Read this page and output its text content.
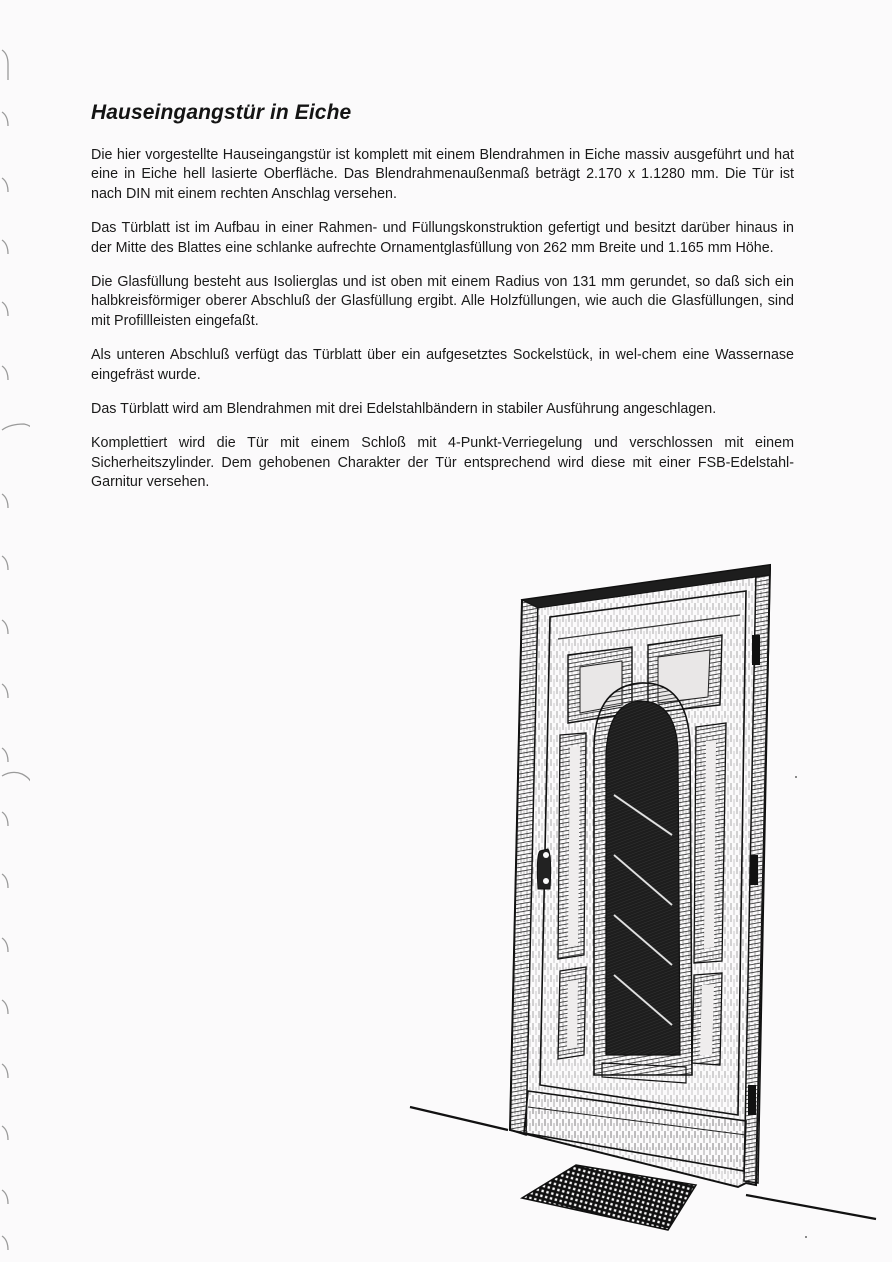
Hauseingangstür in Eiche

Die hier vorgestellte Hauseingangstür ist komplett mit einem Blendrahmen in Eiche massiv ausgeführt und hat eine in Eiche hell lasierte Oberfläche. Das Blendrahmenaußenmaß beträgt 2.170 x 1.1280 mm. Die Tür ist nach DIN mit einem rechten Anschlag versehen.

Das Türblatt ist im Aufbau in einer Rahmen- und Füllungskonstruktion gefertigt und besitzt darüber hinaus in der Mitte des Blattes eine schlanke aufrechte Ornamentglasfüllung von 262 mm Breite und 1.165 mm Höhe.

Die Glasfüllung besteht aus Isolierglas und ist oben mit einem Radius von 131 mm gerundet, so daß sich ein halbkreisförmiger oberer Abschluß der Glasfüllung ergibt. Alle Holzfüllungen, wie auch die Glasfüllungen, sind mit Profillleisten eingefaßt.

Als unteren Abschluß verfügt das Türblatt über ein aufgesetztes Sockelstück, in wel-chem eine Wassernase eingefräst wurde.

Das Türblatt wird am Blendrahmen mit drei Edelstahlbändern in stabiler Ausführung angeschlagen.

Komplettiert wird die Tür mit einem Schloß mit 4-Punkt-Verriegelung und verschlossen mit einem Sicherheitszylinder. Dem gehobenen Charakter der Tür entsprechend wird diese mit einer FSB-Edelstahl-Garnitur versehen.
